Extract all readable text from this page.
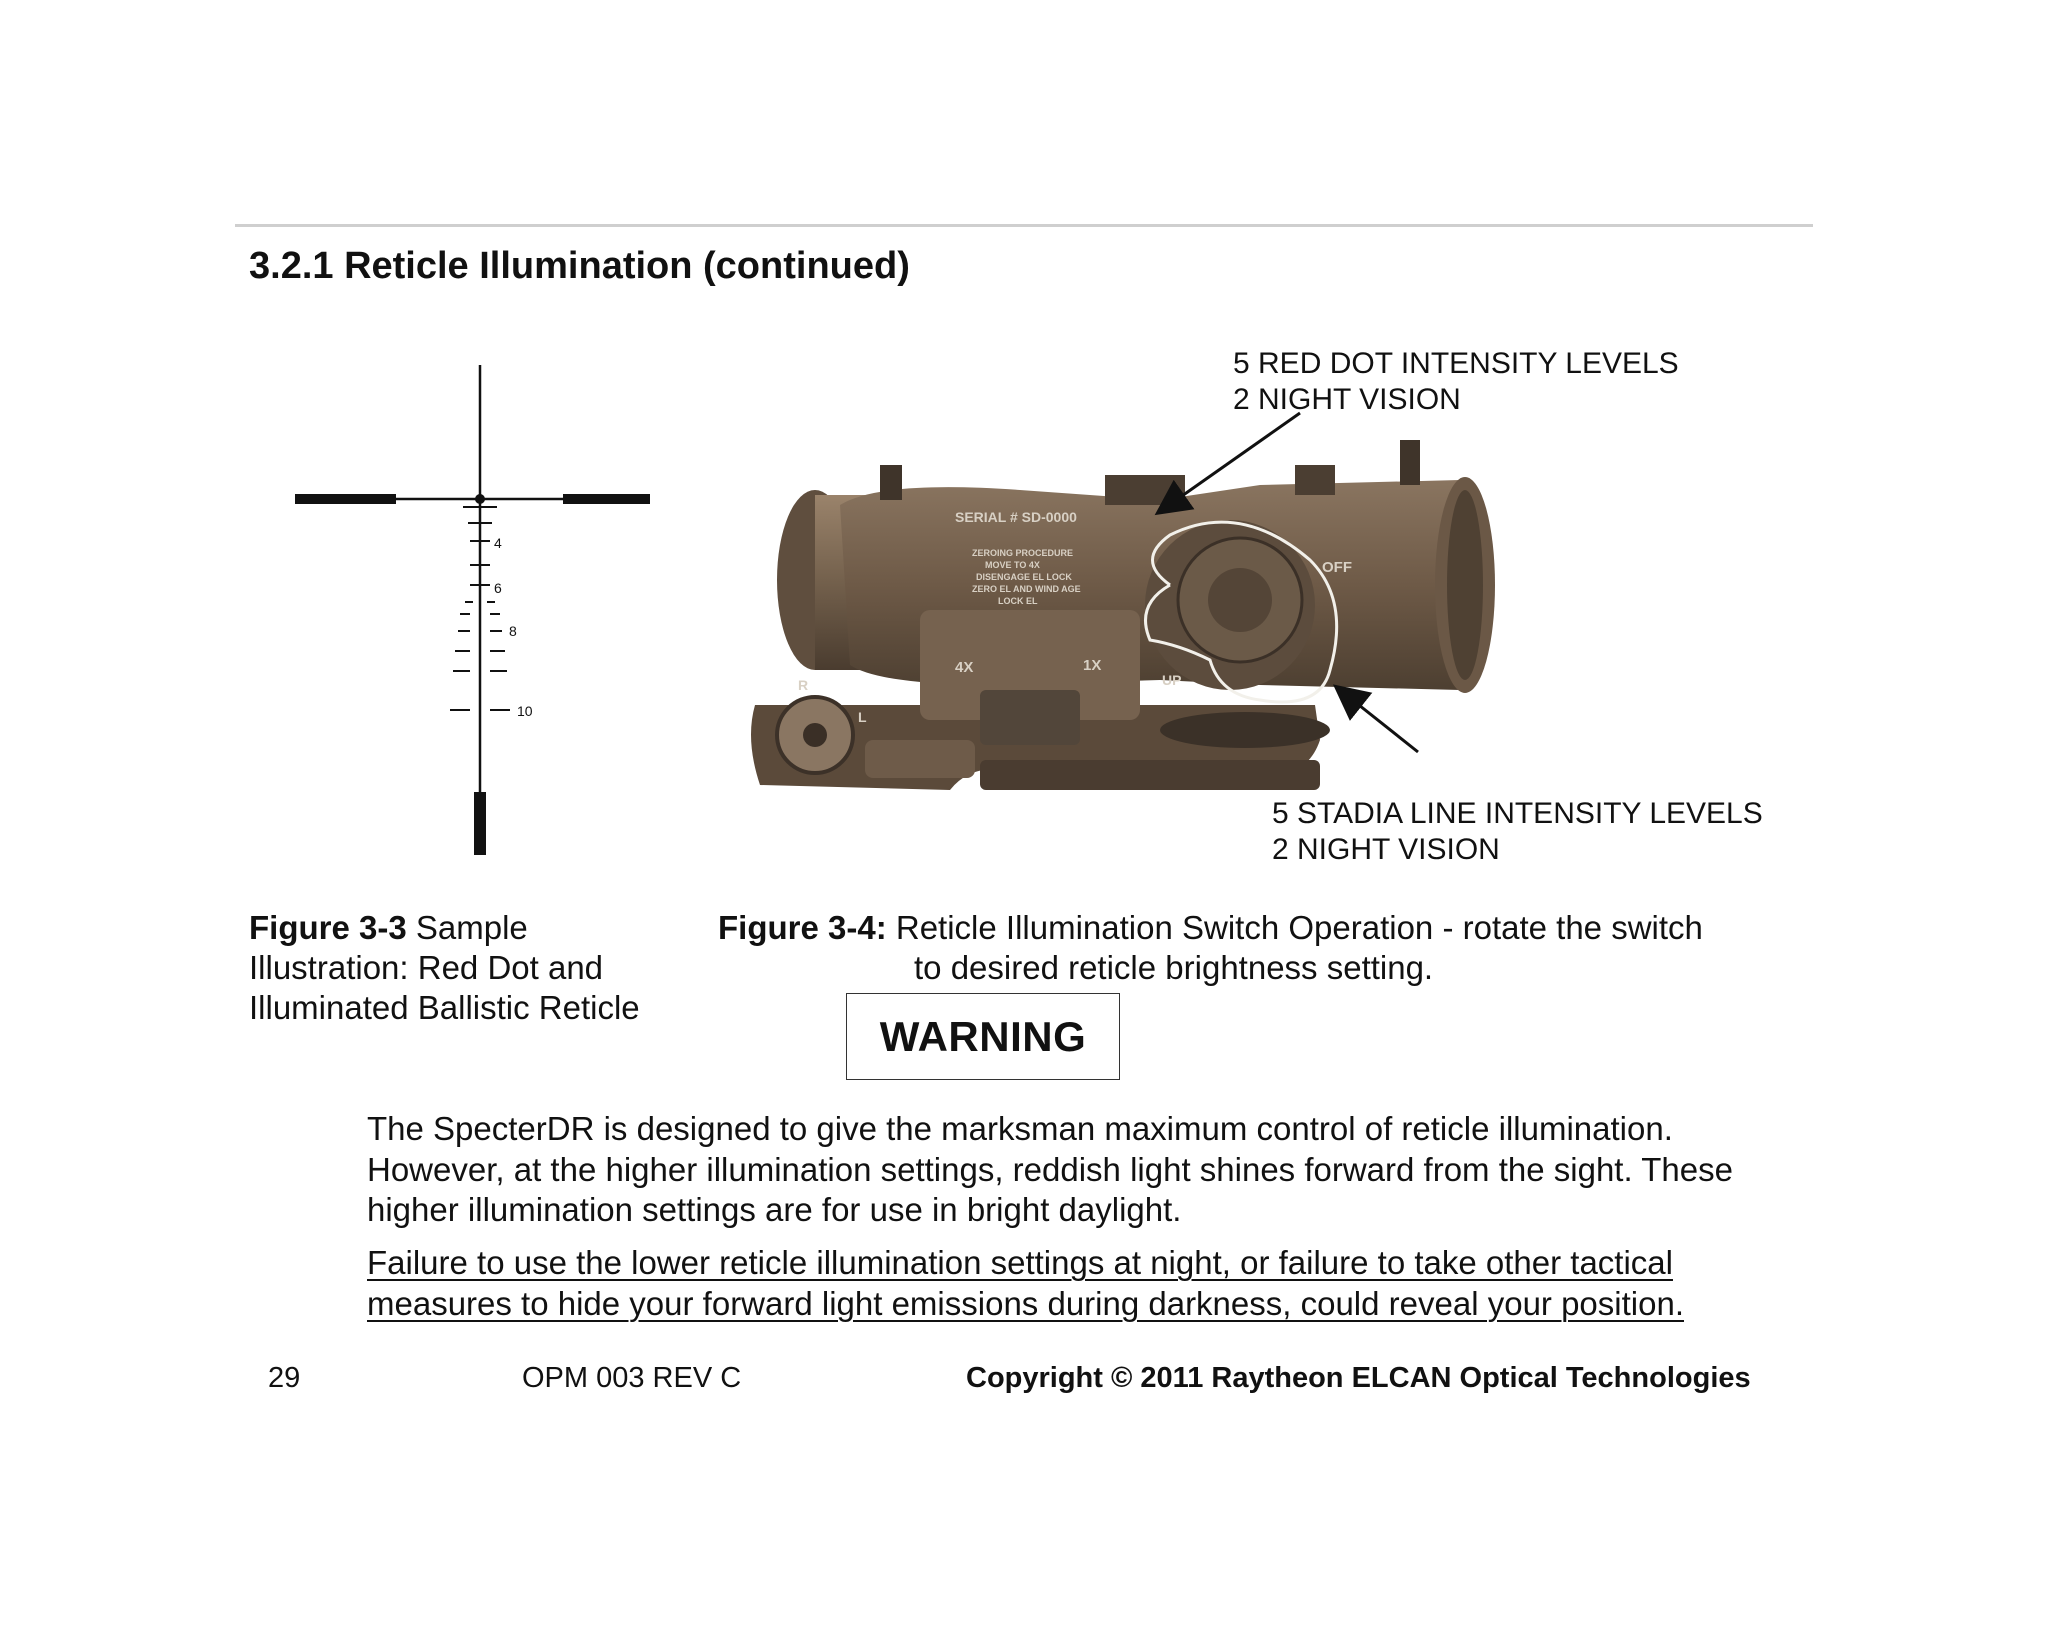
3.2.1 Reticle Illumination (continued)
4
6
8
10
SERIAL # SD-0000
ZEROING PROCEDURE
MOVE TO 4X
DISENGAGE EL LOCK
ZERO EL AND WIND AGE
LOCK EL
4X	1X
OFF
UP
R
L
5 RED DOT INTENSITY LEVELS
2 NIGHT VISION
5 STADIA LINE INTENSITY LEVELS
2 NIGHT VISION
Figure 3-3 Sample
Illustration: Red Dot and
Illuminated Ballistic Reticle
Figure 3-4: Reticle Illumination Switch Operation - rotate the switch
to desired reticle brightness setting.
WARNING
The SpecterDR is designed to give the marksman maximum control of reticle illumination. However, at the higher illumination settings, reddish light shines forward from the sight. These higher illumination settings are for use in bright daylight.
Failure to use the lower reticle illumination settings at night, or failure to take other tactical measures to hide your forward light emissions during darkness, could reveal your position.
29	OPM 003 REV C	Copyright © 2011 Raytheon ELCAN Optical Technologies
